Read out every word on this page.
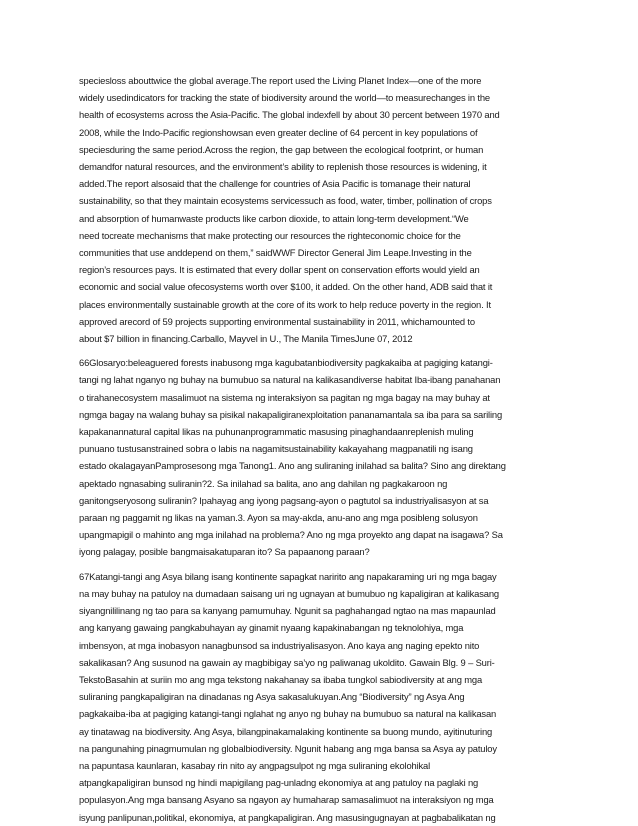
speciesloss abouttwice the global average.The report used the Living Planet Index—one of the more
widely usedindicators for tracking the state of biodiversity around the world—to measurechanges in the
health of ecosystems across the Asia-Pacific. The global indexfell by about 30 percent between 1970 and
2008, while the Indo-Pacific regionshowsan even greater decline of 64 percent in key populations of
speciesduring the same period.Across the region, the gap between the ecological footprint, or human
demandfor natural resources, and the environment’s ability to replenish those resources is widening, it
added.The report alsosaid that the challenge for countries of Asia Pacific is tomanage their natural
sustainability, so that they maintain ecosystems servicessuch as food, water, timber, pollination of crops
and absorption of humanwaste products like carbon dioxide, to attain long-term development.“We
need tocreate mechanisms that make protecting our resources the righteconomic choice for the
communities that use anddepend on them,” saidWWF Director General Jim Leape.Investing in the
region’s resources pays. It is estimated that every dollar spent on conservation efforts would yield an
economic and social value ofecosystems worth over $100, it added. On the other hand, ADB said that it
places environmentally sustainable growth at the core of its work to help reduce poverty in the region. It
approved arecord of 59 projects supporting environmental sustainability in 2011, whichamounted to
about $7 billion in financing.Carballo, Mayvel in U., The Manila TimesJune 07, 2012
66Glosaryo:beleaguered forests inabusong mga kagubatanbiodiversity pagkakaiba at pagiging katangi-
tangi ng lahat nganyo ng buhay na bumubuo sa natural na kalikasandiverse habitat Iba-ibang panahanan
o tirahanecosystem masalimuot na sistema ng interaksiyon sa pagitan ng mga bagay na may buhay at
ngmga bagay na walang buhay sa pisikal nakapaligiranexploitation pananamantala sa iba para sa sariling
kapakanannatural capital likas na puhunanprogrammatic masusing pinaghandaanreplenish muling
punuano tustusanstrained sobra o labis na nagamitsustainability kakayahang magpanatili ng isang
estado okalagayanPamprosesong mga Tanong1. Ano ang suliraning inilahad sa balita? Sino ang direktang
apektado ngnasabing suliranin?2. Sa inilahad sa balita, ano ang dahilan ng pagkakaroon ng
ganitongseryosong suliranin? Ipahayag ang iyong pagsang-ayon o pagtutol sa industriyalisasyon at sa
paraan ng paggamit ng likas na yaman.3. Ayon sa may-akda, anu-ano ang mga posibleng solusyon
upangmapigil o mahinto ang mga inilahad na problema? Ano ng mga proyekto ang dapat na isagawa? Sa
iyong palagay, posible bangmaisakatuparan ito? Sa papaanong paraan?
67Katangi-tangi ang Asya bilang isang kontinente sapagkat naririto ang napakaraming uri ng mga bagay
na may buhay na patuloy na dumadaan saisang uri ng ugnayan at bumubuo ng kapaligiran at kalikasang
siyangnililinang ng tao para sa kanyang pamumuhay. Ngunit sa paghahangad ngtao na mas mapaunlad
ang kanyang gawaing pangkabuhayan ay ginamit nyaang kapakinabangan ng teknolohiya, mga
imbensyon, at mga inobasyon nanagbunsod sa industriyalisasyon. Ano kaya ang naging epekto nito
sakalikasan? Ang susunod na gawain ay magbibigay sa’yo ng paliwanag ukoldito. Gawain Blg. 9 – Suri-
TekstoBasahin at suriin mo ang mga tekstong nakahanay sa ibaba tungkol sabiodiversity at ang mga
suliraning pangkapaligiran na dinadanas ng Asya sakasalukuyan.Ang “Biodiversity” ng Asya Ang
pagkakaiba-iba at pagiging katangi-tangi nglahat ng anyo ng buhay na bumubuo sa natural na kalikasan
ay tinatawag na biodiversity. Ang Asya, bilangpinakamalaking kontinente sa buong mundo, ayitinuturing
na pangunahing pinagmumulan ng globalbiodiversity. Ngunit habang ang mga bansa sa Asya ay patuloy
na papuntasa kaunlaran, kasabay rin nito ay angpagsulpot ng mga suliraning ekolohikal
atpangkapaligiran bunsod ng hindi mapigilang pag-unladng ekonomiya at ang patuloy na paglaki ng
populasyon.Ang mga bansang Asyano sa ngayon ay humaharap samasalimuot na interaksiyon ng mga
isyung panlipunan,politikal, ekonomiya, at pangkapaligiran. Ang masusingugnayan at pagbabalikatan ng
